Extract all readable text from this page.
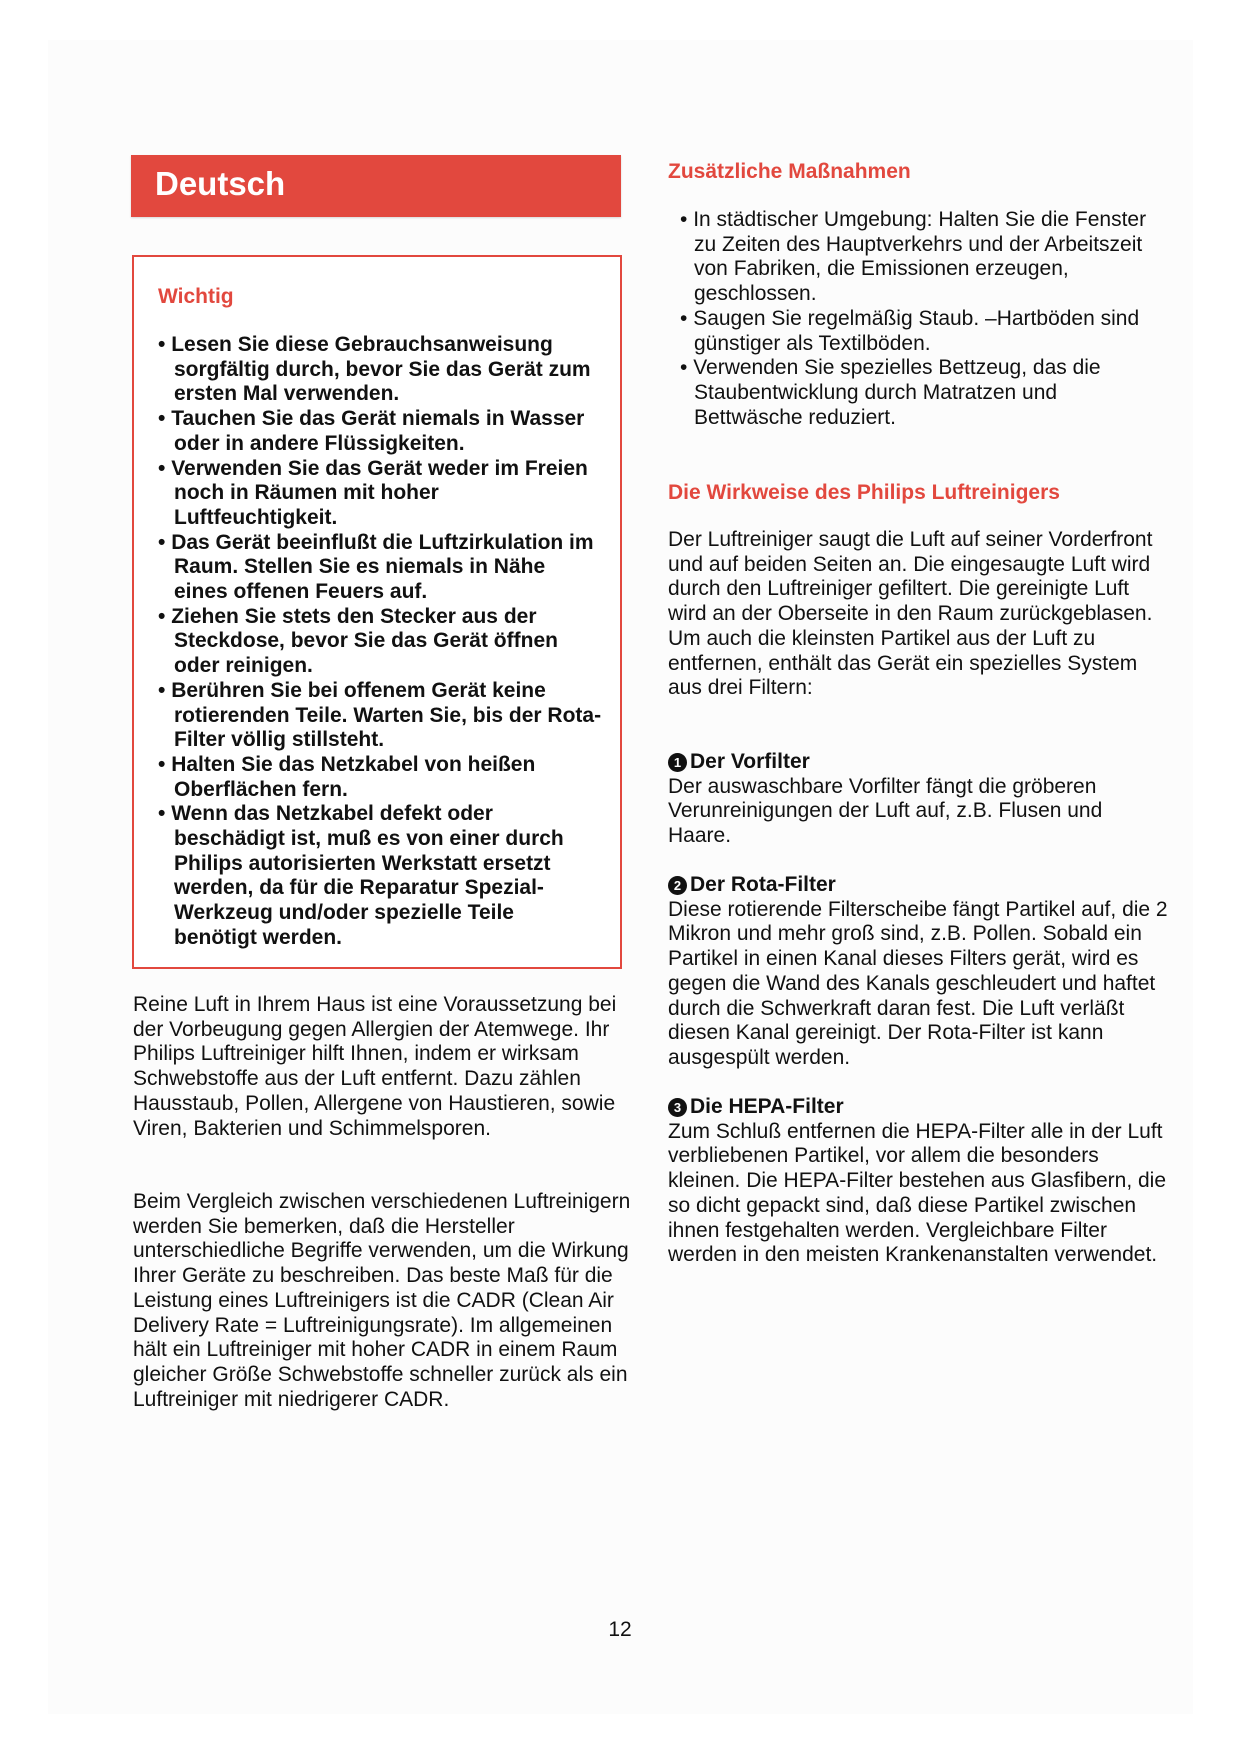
Deutsch
Wichtig
• Lesen Sie diese Gebrauchsanweisung sorgfältig durch, bevor Sie das Gerät zum ersten Mal verwenden.
• Tauchen Sie das Gerät niemals in Wasser oder in andere Flüssigkeiten.
• Verwenden Sie das Gerät weder im Freien noch in Räumen mit hoher Luftfeuchtigkeit.
• Das Gerät beeinflußt die Luftzirkulation im Raum. Stellen Sie es niemals in Nähe eines offenen Feuers auf.
• Ziehen Sie stets den Stecker aus der Steckdose, bevor Sie das Gerät öffnen oder reinigen.
• Berühren Sie bei offenem Gerät keine rotierenden Teile. Warten Sie, bis der Rota-Filter völlig stillsteht.
• Halten Sie das Netzkabel von heißen Oberflächen fern.
• Wenn das Netzkabel defekt oder beschädigt ist, muß es von einer durch Philips autorisierten Werkstatt ersetzt werden, da für die Reparatur Spezial-Werkzeug und/oder spezielle Teile benötigt werden.

Reine Luft in Ihrem Haus ist eine Voraussetzung bei der Vorbeugung gegen Allergien der Atemwege. Ihr Philips Luftreiniger hilft Ihnen, indem er wirksam Schwebstoffe aus der Luft entfernt. Dazu zählen Hausstaub, Pollen, Allergene von Haustieren, sowie Viren, Bakterien und Schimmelsporen.

Beim Vergleich zwischen verschiedenen Luftreinigern werden Sie bemerken, daß die Hersteller unterschiedliche Begriffe verwenden, um die Wirkung Ihrer Geräte zu beschreiben. Das beste Maß für die Leistung eines Luftreinigers ist die CADR (Clean Air Delivery Rate = Luftreinigungsrate). Im allgemeinen hält ein Luftreiniger mit hoher CADR in einem Raum gleicher Größe Schwebstoffe schneller zurück als ein Luftreiniger mit niedrigerer CADR.

Zusätzliche Maßnahmen
• In städtischer Umgebung: Halten Sie die Fenster zu Zeiten des Hauptverkehrs und der Arbeitszeit von Fabriken, die Emissionen erzeugen, geschlossen.
• Saugen Sie regelmäßig Staub. –Hartböden sind günstiger als Textilböden.
• Verwenden Sie spezielles Bettzeug, das die Staubentwicklung durch Matratzen und Bettwäsche reduziert.
Die Wirkweise des Philips Luftreinigers

Der Luftreiniger saugt die Luft auf seiner Vorderfront und auf beiden Seiten an. Die eingesaugte Luft wird durch den Luftreiniger gefiltert. Die gereinigte Luft wird an der Oberseite in den Raum zurückgeblasen. Um auch die kleinsten Partikel aus der Luft zu entfernen, enthält das Gerät ein spezielles System aus drei Filtern:

1 Der Vorfilter

Der auswaschbare Vorfilter fängt die gröberen Verunreinigungen der Luft auf, z.B. Flusen und Haare.

2 Der Rota-Filter

Diese rotierende Filterscheibe fängt Partikel auf, die 2 Mikron und mehr groß sind, z.B. Pollen. Sobald ein Partikel in einen Kanal dieses Filters gerät, wird es gegen die Wand des Kanals geschleudert und haftet durch die Schwerkraft daran fest. Die Luft verläßt diesen Kanal gereinigt. Der Rota-Filter ist kann ausgespült werden.

3 Die HEPA-Filter

Zum Schluß entfernen die HEPA-Filter alle in der Luft verbliebenen Partikel, vor allem die besonders kleinen. Die HEPA-Filter bestehen aus Glasfibern, die so dicht gepackt sind, daß diese Partikel zwischen ihnen festgehalten werden. Vergleichbare Filter werden in den meisten Krankenanstalten verwendet.

12
